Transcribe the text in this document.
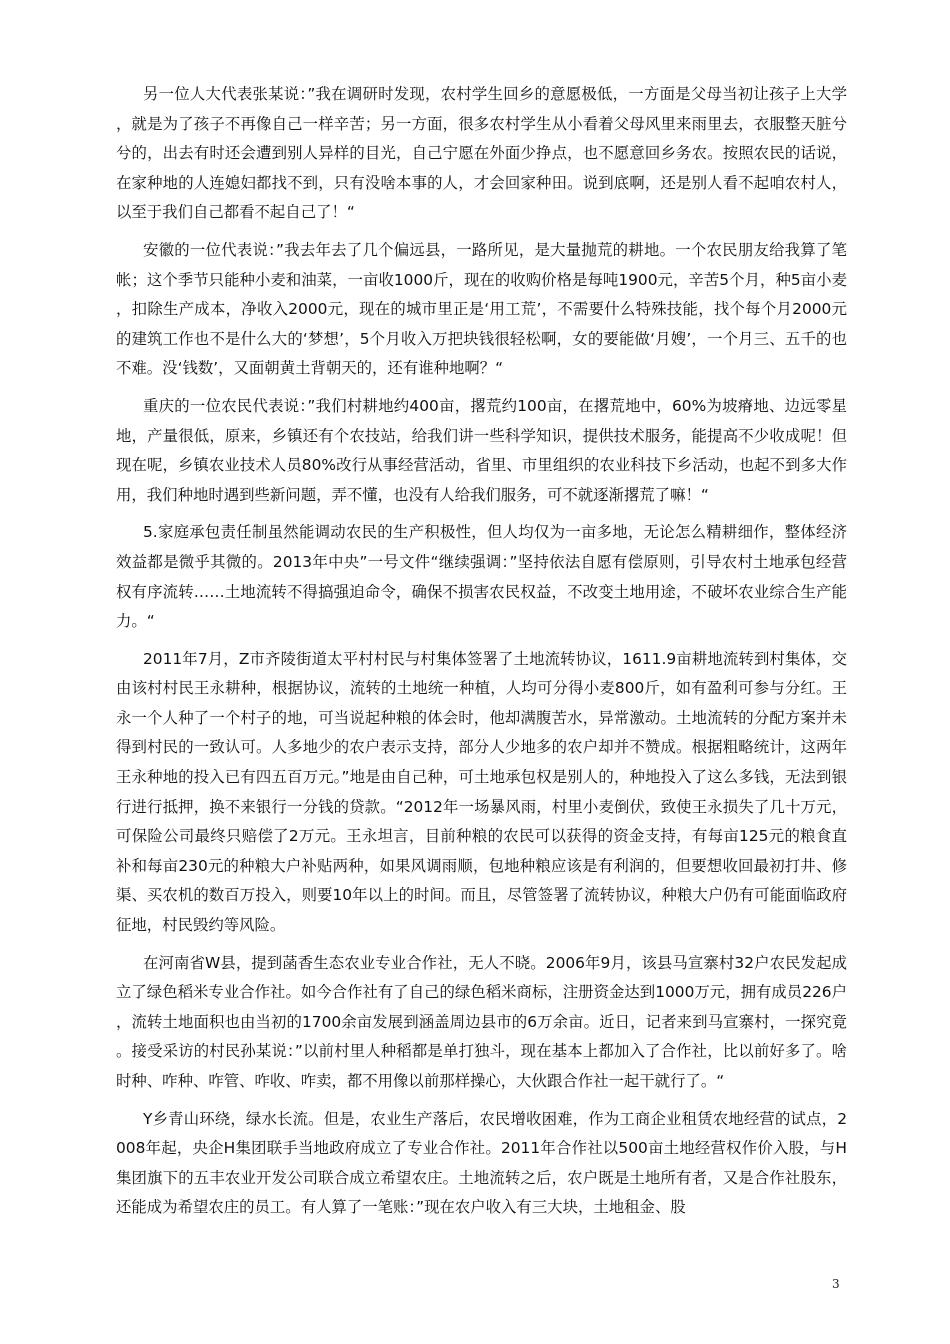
另一位人大代表张某说：”我在调研时发现，农村学生回乡的意愿极低，一方面是父母当初让孩子上大学，就是为了孩子不再像自己一样辛苦；另一方面，很多农村学生从小看着父母风里来雨里去，衣服整天脏兮兮的，出去有时还会遭到别人异样的目光，自己宁愿在外面少挣点，也不愿意回乡务农。按照农民的话说，在家种地的人连媳妇都找不到，只有没啥本事的人，才会回家种田。说到底啊，还是别人看不起咱农村人，以至于我们自己都看不起自己了！“

安徽的一位代表说：”我去年去了几个偏远县，一路所见，是大量抛荒的耕地。一个农民朋友给我算了笔帐；这个季节只能种小麦和油菜，一亩收1000斤，现在的收购价格是每吨1900元，辛苦5个月，种5亩小麦，扣除生产成本，净收入2000元，现在的城市里正是‘用工荒’，不需要什么特殊技能，找个每个月2000元的建筑工作也不是什么大的‘梦想’，5个月收入万把块钱很轻松啊，女的要能做‘月嫂’，一个月三、五千的也不难。没‘钱数’，又面朝黄土背朝天的，还有谁种地啊？“

重庆的一位农民代表说：”我们村耕地约400亩，撂荒约100亩，在撂荒地中，60%为坡瘠地、边远零星地，产量很低，原来，乡镇还有个农技站，给我们讲一些科学知识，提供技术服务，能提高不少收成呢！但现在呢，乡镇农业技术人员80%改行从事经营活动，省里、市里组织的农业科技下乡活动，也起不到多大作用，我们种地时遇到些新问题，弄不懂，也没有人给我们服务，可不就逐渐撂荒了嘛！“

5.家庭承包责任制虽然能调动农民的生产积极性，但人均仅为一亩多地，无论怎么精耕细作，整体经济效益都是微乎其微的。2013年中央”一号文件“继续强调：”坚持依法自愿有偿原则，引导农村土地承包经营权有序流转……土地流转不得搞强迫命令，确保不损害农民权益，不改变土地用途，不破坏农业综合生产能力。“

2011年7月，Z市齐陵街道太平村村民与村集体签署了土地流转协议，1611.9亩耕地流转到村集体，交由该村村民王永耕种，根据协议，流转的土地统一种植，人均可分得小麦800斤，如有盈利可参与分红。王永一个人种了一个村子的地，可当说起种粮的体会时，他却满腹苦水，异常激动。土地流转的分配方案并未得到村民的一致认可。人多地少的农户表示支持，部分人少地多的农户却并不赞成。根据粗略统计，这两年王永种地的投入已有四五百万元。”地是由自己种，可土地承包权是别人的，种地投入了这么多钱，无法到银行进行抵押，换不来银行一分钱的贷款。“2012年一场暴风雨，村里小麦倒伏，致使王永损失了几十万元，可保险公司最终只赔偿了2万元。王永坦言，目前种粮的农民可以获得的资金支持，有每亩125元的粮食直补和每亩230元的种粮大户补贴两种，如果风调雨顺，包地种粮应该是有利润的，但要想收回最初打井、修渠、买农机的数百万投入，则要10年以上的时间。而且，尽管签署了流转协议，种粮大户仍有可能面临政府征地，村民毁约等风险。

在河南省W县，提到菡香生态农业专业合作社，无人不晓。2006年9月，该县马宣寨村32户农民发起成立了绿色稻米专业合作社。如今合作社有了自己的绿色稻米商标，注册资金达到1000万元，拥有成员226户，流转土地面积也由当初的1700余亩发展到涵盖周边县市的6万余亩。近日，记者来到马宣寨村，一探究竟。接受采访的村民孙某说：”以前村里人种稻都是单打独斗，现在基本上都加入了合作社，比以前好多了。啥时种、咋种、咋管、咋收、咋卖，都不用像以前那样操心，大伙跟合作社一起干就行了。“

Y乡青山环绕，绿水长流。但是，农业生产落后，农民增收困难，作为工商企业租赁农地经营的试点，2008年起，央企H集团联手当地政府成立了专业合作社。2011年合作社以500亩土地经营权作价入股，与H集团旗下的五丰农业开发公司联合成立希望农庄。土地流转之后，农户既是土地所有者，又是合作社股东，还能成为希望农庄的员工。有人算了一笔账：”现在农户收入有三大块，土地租金、股

3
